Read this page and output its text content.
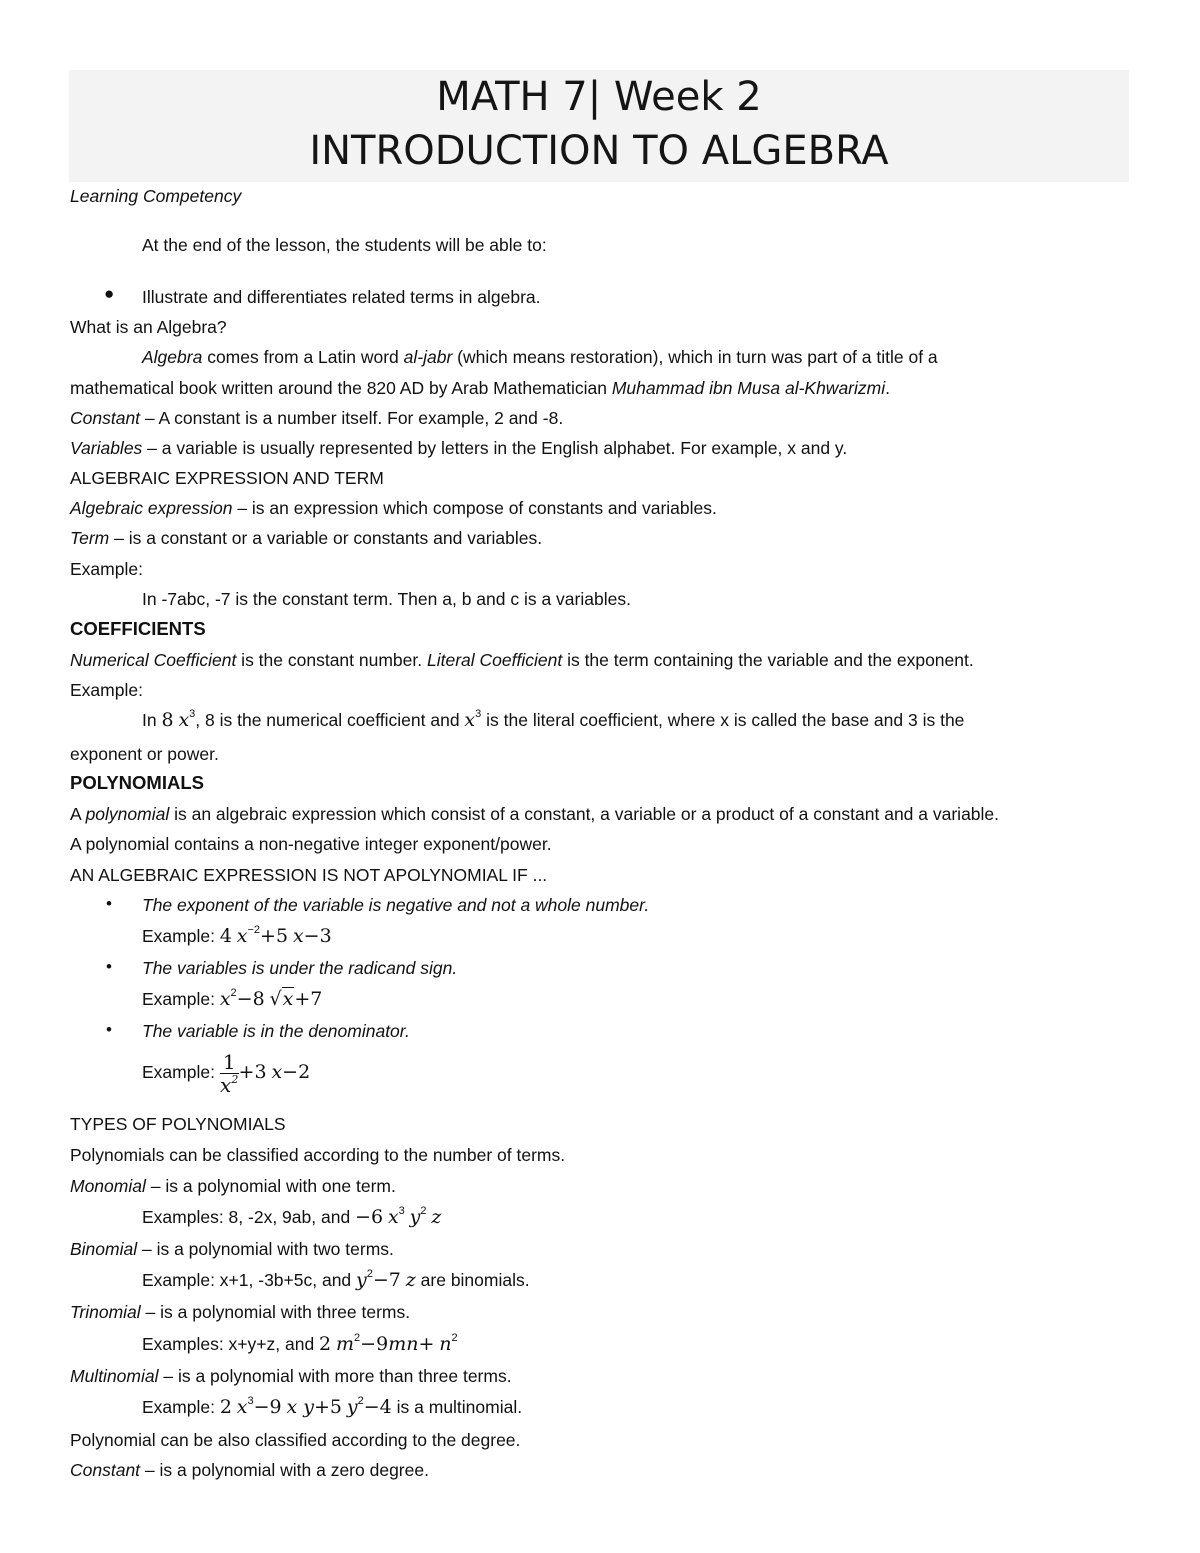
MATH 7| Week 2
INTRODUCTION TO ALGEBRA
Learning Competency
At the end of the lesson, the students will be able to:
● Illustrate and differentiates related terms in algebra.
What is an Algebra?
Algebra comes from a Latin word al-jabr (which means restoration), which in turn was part of a title of a
mathematical book written around the 820 AD by Arab Mathematician Muhammad ibn Musa al-Khwarizmi.
Constant – A constant is a number itself. For example, 2 and -8.
Variables – a variable is usually represented by letters in the English alphabet. For example, x and y.
ALGEBRAIC EXPRESSION AND TERM
Algebraic expression – is an expression which compose of constants and variables.
Term – is a constant or a variable or constants and variables.
Example:
In -7abc, -7 is the constant term. Then a, b and c is a variables.
COEFFICIENTS
Numerical Coefficient is the constant number. Literal Coefficient is the term containing the variable and the exponent.
Example:
In 8 $x^3$, 8 is the numerical coefficient and $x^3$ is the literal coefficient, where x is called the base and 3 is the
exponent or power.
POLYNOMIALS
A polynomial is an algebraic expression which consist of a constant, a variable or a product of a constant and a variable.
A polynomial contains a non-negative integer exponent/power.
AN ALGEBRAIC EXPRESSION IS NOT APOLYNOMIAL IF ...
• The exponent of the variable is negative and not a whole number.
Example: 4 $x^{-2}+5$ x−3
• The variables is under the radicand sign.
Example: $x^2-8$ √x+7
• The variable is in the denominator.
Example: $\frac{1}{x^2} +3$ x−2
TYPES OF POLYNOMIALS
Polynomials can be classified according to the number of terms.
Monomial – is a polynomial with one term.
Examples: 8, -2x, 9ab, and −6 $x^3$ $y^2$ z
Binomial – is a polynomial with two terms.
Example: x+1, -3b+5c, and $y^2-7$ z are binomials.
Trinomial – is a polynomial with three terms.
Examples: x+y+z, and 2 $m^2-9mn+ n^2$
Multinomial – is a polynomial with more than three terms.
Example: 2 $x^3-9$ x y+5 $y^2-4$ is a multinomial.
Polynomial can be also classified according to the degree.
Constant – is a polynomial with a zero degree.
